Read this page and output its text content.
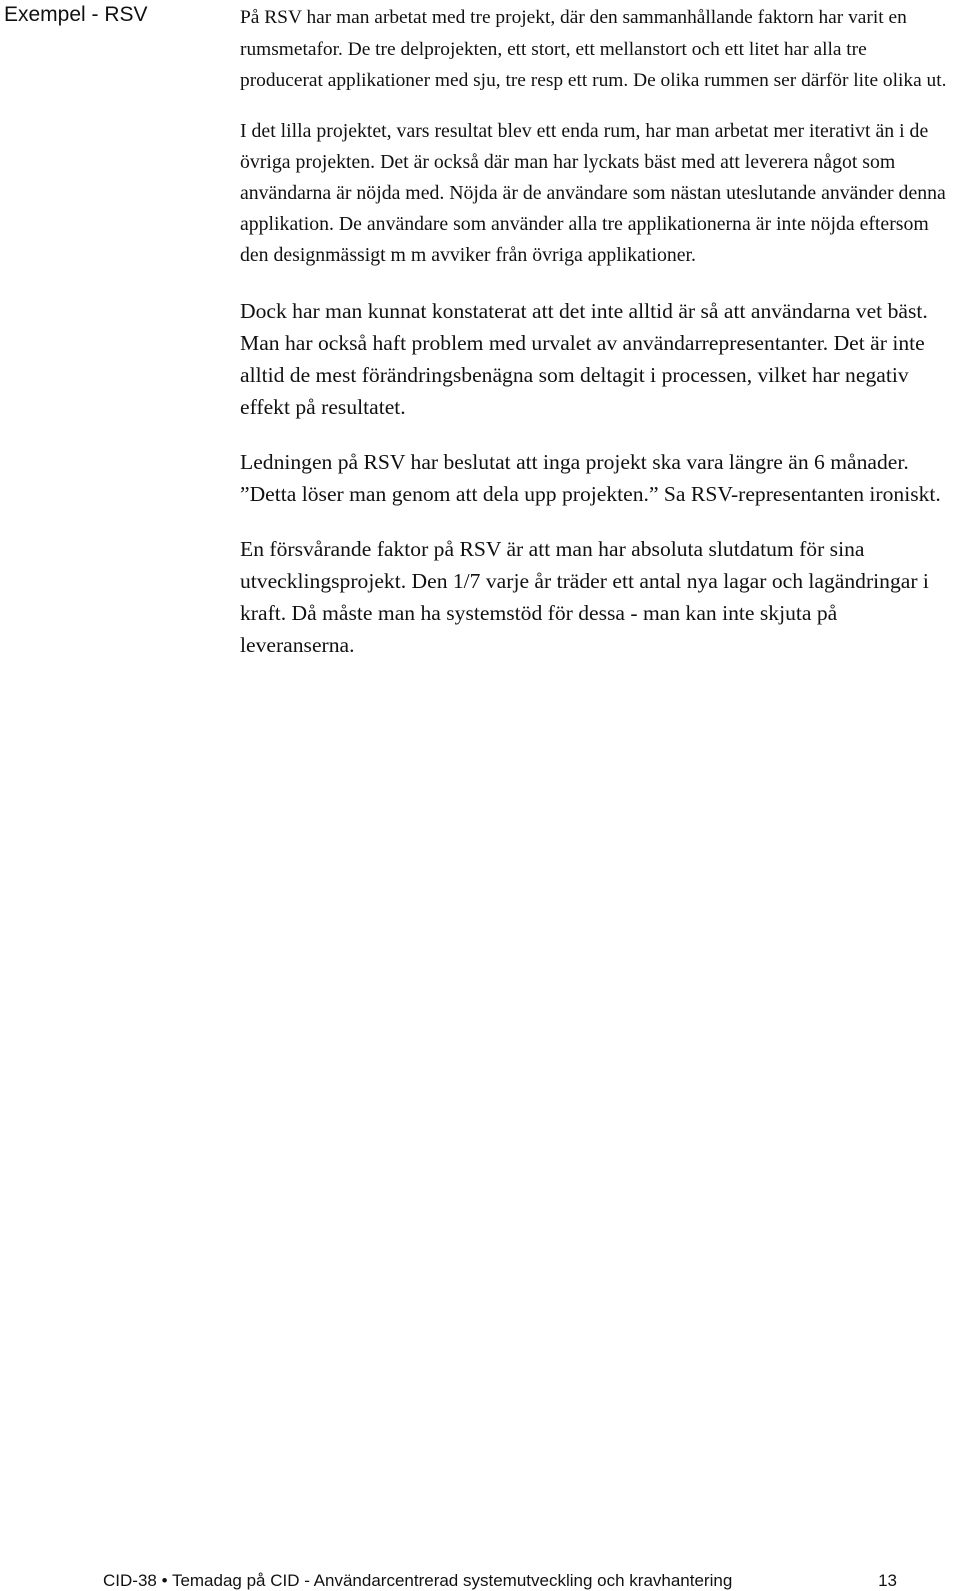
Exempel - RSV	På RSV har man arbetat med tre projekt, där den sammanhållande faktorn har varit en rumsmetafor. De tre delprojekten, ett stort, ett mellanstort och ett litet har alla tre producerat applikationer med sju, tre resp ett rum. De olika rummen ser därför lite olika ut.

I det lilla projektet, vars resultat blev ett enda rum, har man arbetat mer iterativt än i de övriga projekten. Det är också där man har lyckats bäst med att leverera något som användarna är nöjda med. Nöjda är de användare som nästan uteslutande använder denna applikation. De användare som använder alla tre applikationerna är inte nöjda eftersom den designmässigt m m avviker från övriga applikationer.

Dock har man kunnat konstaterat att det inte alltid är så att användarna vet bäst. Man har också haft problem med urvalet av användarrepresentanter. Det är inte alltid de mest förändringsbenägna som deltagit i processen, vilket har negativ effekt på resultatet.

Ledningen på RSV har beslutat att inga projekt ska vara längre än 6 månader. ”Detta löser man genom att dela upp projekten.” Sa RSV-representanten ironiskt.

En försvårande faktor på RSV är att man har absoluta slutdatum för sina utvecklingsprojekt. Den 1/7 varje år träder ett antal nya lagar och lagändringar i kraft. Då måste man ha systemstöd för dessa - man kan inte skjuta på leveranserna.

CID-38 • Temadag på CID - Användarcentrerad systemutveckling och kravhantering	13
